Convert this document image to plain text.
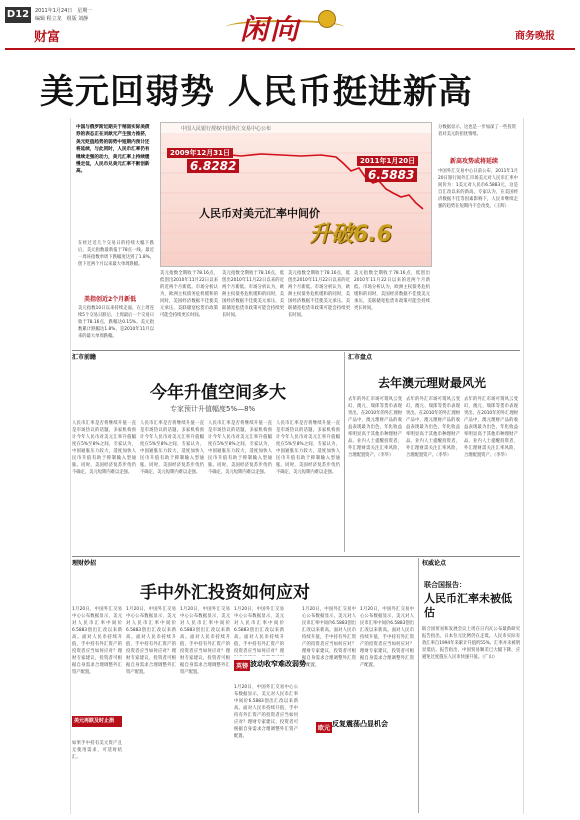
D12	2011年1月24日　星期一
编辑 程立龙　组版 刘静
财富	闲向	商务晚报
美元回弱势 人民币挺进新高
中国与俄罗斯近期关于稍弱实际美债券的表态正在刘歆元产生强力推挤，美元贬值趋势的弱势中短期内预计还将延续，与此同时，人民币汇率仍有继续走强的动力，美元汇率上持续缓慢走低，人民币兑美元汇率不断创新高。
在经过近几个交易日的持续大幅下跌后，美元指数最新报于78点一线。最近一周该指数单周下跌幅度达到了1.8%，创下近两个月以来最大单周跌幅。
美指创近2个月新低
美元指数10日以来持续走弱，在上周连续5个交易日跌后，上周最后一个交易日收于78.16点，跌幅达0.15%。美元指数累计跌幅达1.8%，是2010年11月以来的最大单周跌幅。
中国人民银行授权中国外汇交易中心公布
2009年12月31日
6.8282	2011年1月20日
6.5883
人民币对美元汇率中间价
升破6.6
美元指数全期收于78.16点，低创出2010年11月22日以来的近两个月新低。市场分析认为，欧洲主权债务危机缓和的同时，美国经济数据不佳使美元承压，美联储宽松货币政策可能会持续更长时间。
美元指数全期收于78.16点，低创出2010年11月22日以来的近两个月新低。市场分析认为，欧洲主权债务危机缓和的同时，美国经济数据不佳使美元承压，美联储宽松货币政策可能会持续更长时间。
美元指数全期收于78.16点，低创出2010年11月22日以来的近两个月新低。市场分析认为，欧洲主权债务危机缓和的同时，美国经济数据不佳使美元承压，美联储宽松货币政策可能会持续更长时间。
美元指数全期收于78.16点，低创出2010年11月22日以来的近两个月新低。市场分析认为，欧洲主权债务危机缓和的同时，美国经济数据不佳使美元承压，美联储宽松货币政策可能会持续更长时间。
分数据显示，这也是一步加深了一些投资者对美元的担忧情绪。
新高攻势或将延续
中国外汇交易中心日前公布，2011年1月20日银行间外汇市场美元对人民币汇率中间价为：1美元对人民币6.5883元，这是自汇改以来的新高。专家认为，在美国经济数据不佳等因素影响下，人民币继续走强的趋势在短期内不会改变。（王辉）
汇市前瞻
今年升值空间多大
专家预计升值幅度5%—8%
人民币汇率是否将继续升值一直是市场热议的话题。多家机构预计今年人民币对美元汇率升值幅度在5%至8%之间，专家认为，中国通胀压力较大，适度加快人民币升值有助于抑制输入型通胀。同时，美国经济复苏步伐仍不确定，美元短期内难以走强。
人民币汇率是否将继续升值一直是市场热议的话题。多家机构预计今年人民币对美元汇率升值幅度在5%至8%之间，专家认为，中国通胀压力较大，适度加快人民币升值有助于抑制输入型通胀。同时，美国经济复苏步伐仍不确定，美元短期内难以走强。
人民币汇率是否将继续升值一直是市场热议的话题。多家机构预计今年人民币对美元汇率升值幅度在5%至8%之间，专家认为，中国通胀压力较大，适度加快人民币升值有助于抑制输入型通胀。同时，美国经济复苏步伐仍不确定，美元短期内难以走强。
人民币汇率是否将继续升值一直是市场热议的话题。多家机构预计今年人民币对美元汇率升值幅度在5%至8%之间，专家认为，中国通胀压力较大，适度加快人民币升值有助于抑制输入型通胀。同时，美国经济复苏步伐仍不确定，美元短期内难以走强。
汇市盘点
去年澳元理财最风光
去年的外汇市场可谓风云变幻，澳元、瑞郎等货币表现突出。在2010年的外汇理财产品中，澳元理财产品的收益表现最为出色，年化收益率明显高于其他币种理财产品。业内人士提醒投资者，外汇理财需关注汇率风险，合理配置资产。（李华）
去年的外汇市场可谓风云变幻，澳元、瑞郎等货币表现突出。在2010年的外汇理财产品中，澳元理财产品的收益表现最为出色，年化收益率明显高于其他币种理财产品。业内人士提醒投资者，外汇理财需关注汇率风险，合理配置资产。（李华）
去年的外汇市场可谓风云变幻，澳元、瑞郎等货币表现突出。在2010年的外汇理财产品中，澳元理财产品的收益表现最为出色，年化收益率明显高于其他币种理财产品。业内人士提醒投资者，外汇理财需关注汇率风险，合理配置资产。（李华）
理财妙招
手中外汇投资如何应对
1月20日，中国外汇交易中心公布数据显示，美元对人民币汇率中间价6.5883创出汇改以来新高。面对人民币持续升值，手中持有外汇资产的投资者应当如何应对？理财专家建议，投资者可根据自身需求合理调整外汇资产配置。
美元再跌及时止损
如果手中持有美元资产且无使用需求，可适时结汇。
1月20日，中国外汇交易中心公布数据显示，美元对人民币汇率中间价6.5883创出汇改以来新高。面对人民币持续升值，手中持有外汇资产的投资者应当如何应对？理财专家建议，投资者可根据自身需求合理调整外汇资产配置。
1月20日，中国外汇交易中心公布数据显示，美元对人民币汇率中间价6.5883创出汇改以来新高。面对人民币持续升值，手中持有外汇资产的投资者应当如何应对？理财专家建议，投资者可根据自身需求合理调整外汇资产配置。
英镑 波动收窄难改弱势
1月20日，中国外汇交易中心公布数据显示，美元对人民币汇率中间价6.5883创出汇改以来新高。面对人民币持续升值，手中持有外汇资产的投资者应当如何应对？理
1月20日，中国外汇交易中心公布数据显示，美元对人民币汇率中间价6.5883创出汇改以来新高。面对人民币持续升值，手中持有外汇资产的投资者应当如何应对？理财专家建议，投资者可根据自身需求合理调整外汇资产配置。
1月20日，中国外汇交易中心公布数据显示，美元对人民币汇率中间价6.5883创出汇改以来新高。面对人民币持续升值，手中持有外汇资产的投资者应当如何应对？理财专家建议，投资者可根据自身需求合理调整外汇资产配置。
欧元
反复震荡凸显机会
1月20日，中国外汇交易中心公布数据显示，美元对人民币汇率中间价6.5883创出汇改以来新高。面对人民币持续升值，手中持有外汇资产的投资者应当如何应对？理财专家建议，投资者可根据自身需求合理调整外汇资产配置。
权威论点
联合国报告：
人民币汇率未被低估
联合国贸易和发展会议上周在日内瓦公布最新研究报告指出，日本位元比例仍在走低。人民币实际有效汇率自1994年来累计升值约55%，汇率并未被明显低估。报告指出，中国贸易顺差已大幅下降，应避免过度施压人民币快速升值。（广山）
